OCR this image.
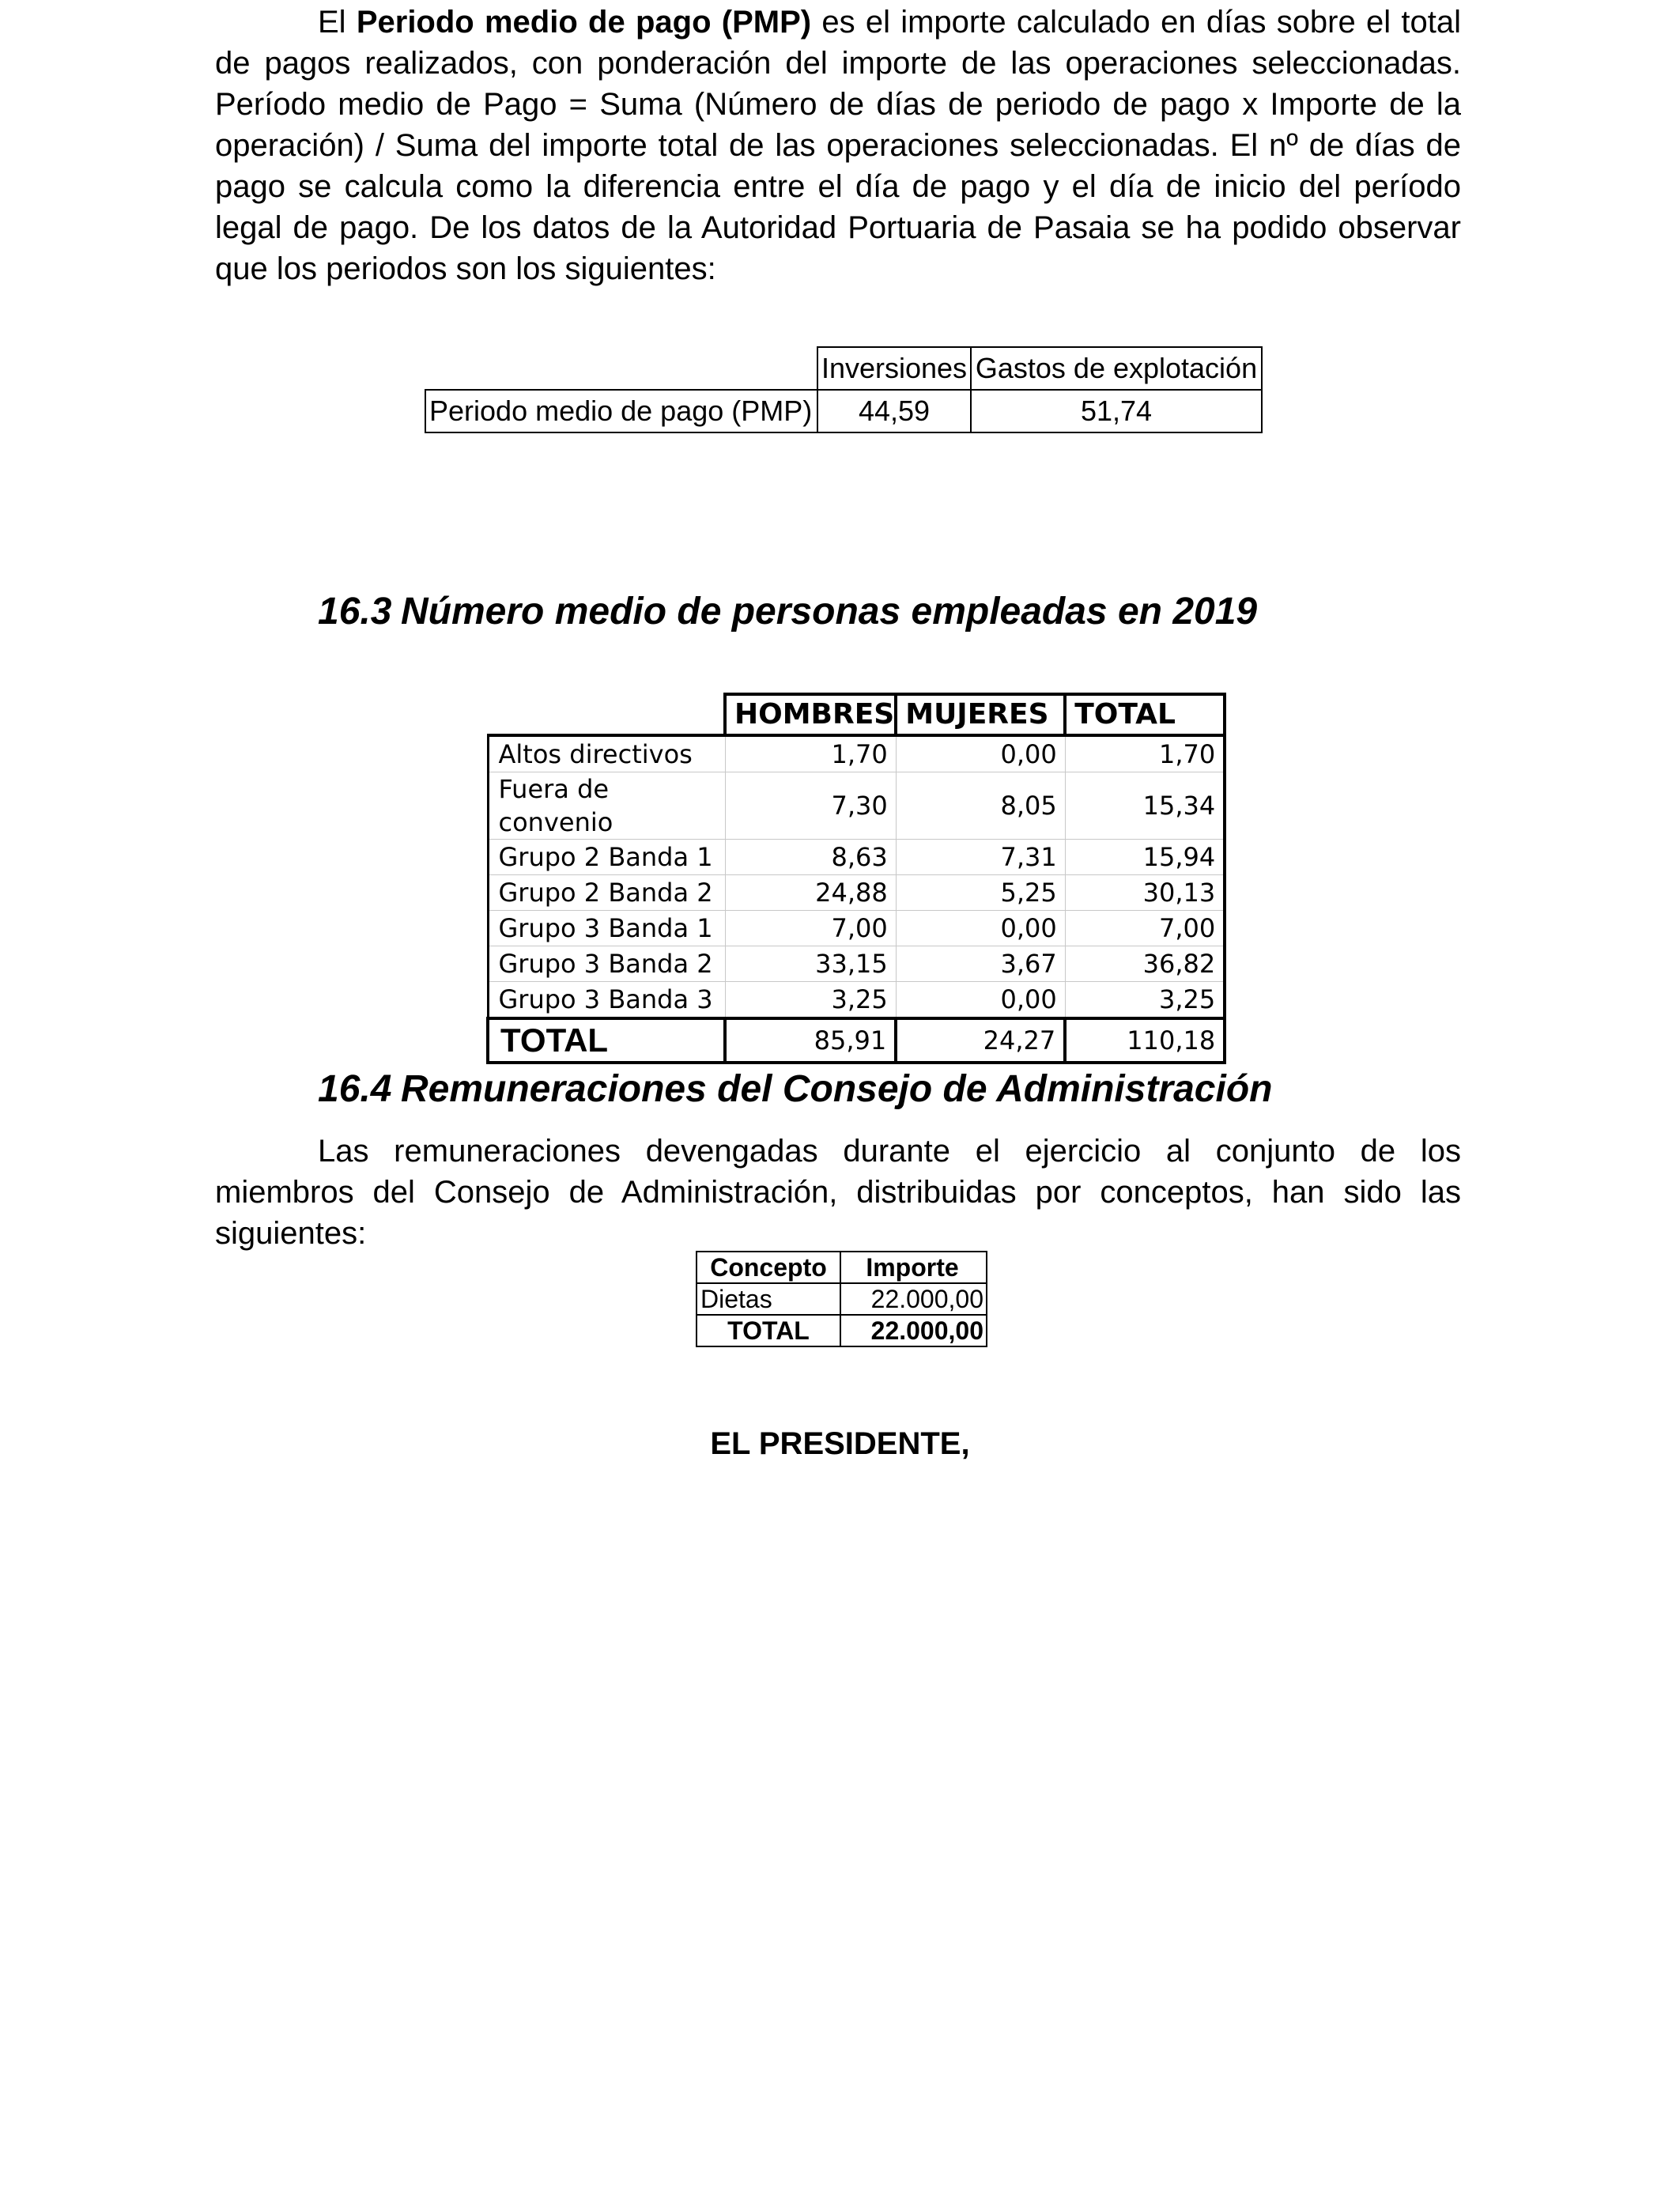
El Periodo medio de pago (PMP) es el importe calculado en días sobre el total de pagos realizados, con ponderación del importe de las operaciones seleccionadas. Período medio de Pago = Suma (Número de días de periodo de pago x Importe de la operación) / Suma del importe total de las operaciones seleccionadas. El nº de días de pago se calcula como la diferencia entre el día de pago y el día de inicio del período legal de pago. De los datos de la Autoridad Portuaria de Pasaia se ha podido observar que los periodos son los siguientes:

	Inversiones	Gastos de explotación
Periodo medio de pago (PMP)	44,59	51,74
16.3 Número medio de personas empleadas en 2019
	HOMBRES	MUJERES	TOTAL
Altos directivos	1,70	0,00	1,70
Fuera de convenio	7,30	8,05	15,34
Grupo 2 Banda 1	8,63	7,31	15,94
Grupo 2 Banda 2	24,88	5,25	30,13
Grupo 3 Banda 1	7,00	0,00	7,00
Grupo 3 Banda 2	33,15	3,67	36,82
Grupo 3 Banda 3	3,25	0,00	3,25
TOTAL	85,91	24,27	110,18
16.4 Remuneraciones del Consejo de Administración

Las remuneraciones devengadas durante el ejercicio al conjunto de los miembros del Consejo de Administración, distribuidas por conceptos, han sido las siguientes:

Concepto	Importe
Dietas	22.000,00
TOTAL	22.000,00

EL PRESIDENTE,
